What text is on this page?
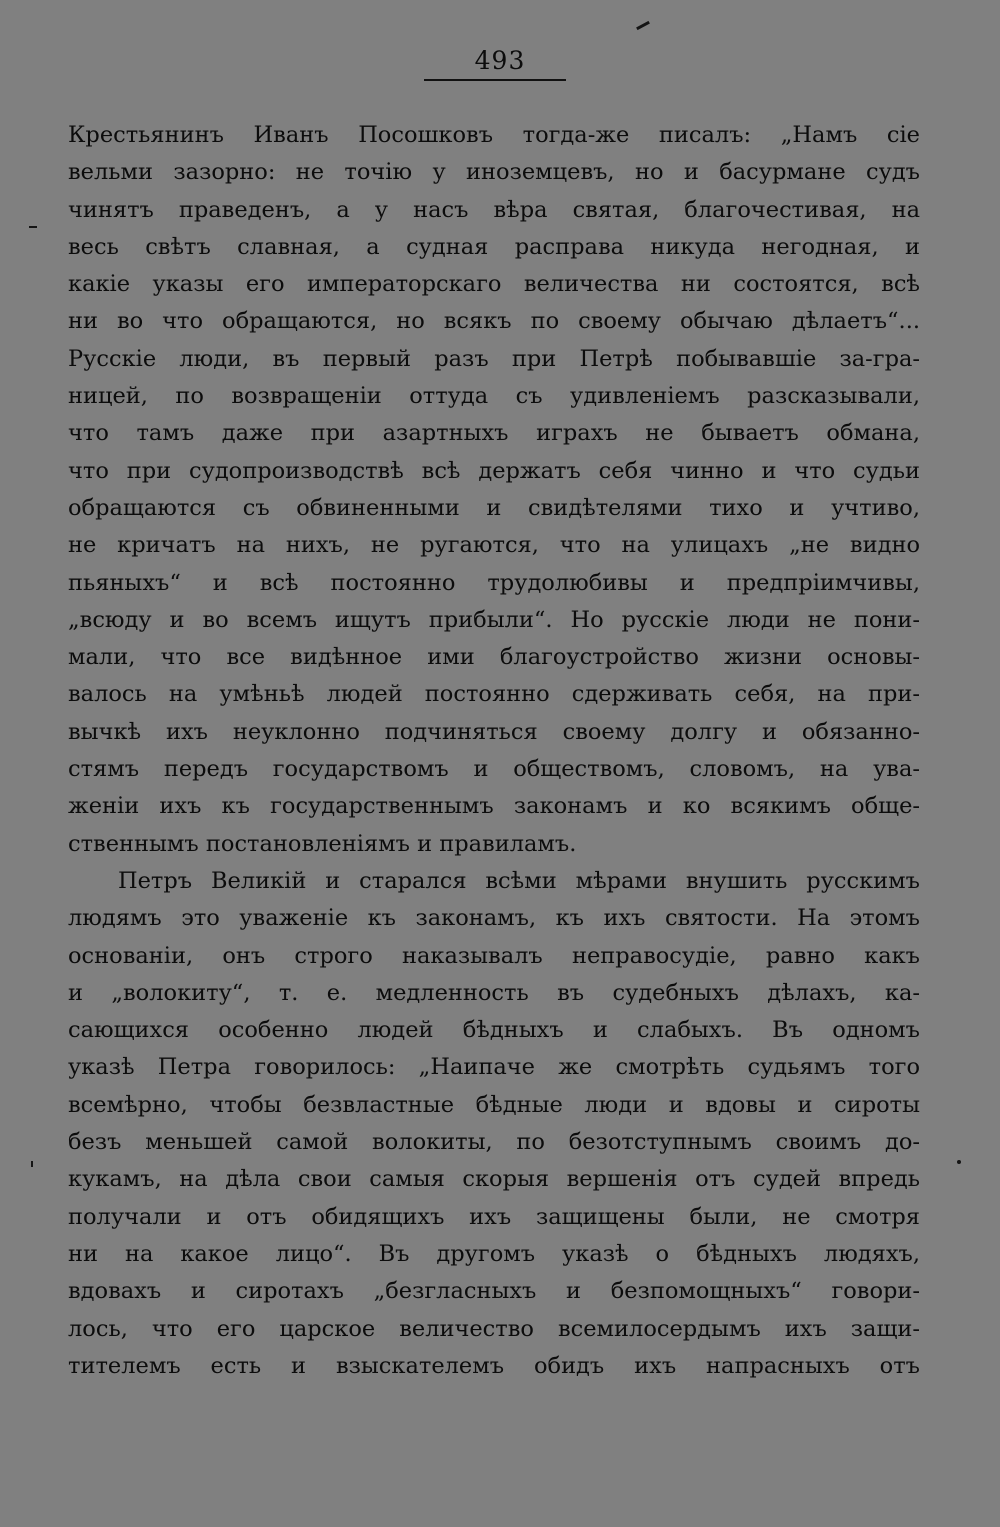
493
Крестьянинъ Иванъ Посошковъ тогда-же писалъ: „Намъ сіе
вельми зазорно: не точію у иноземцевъ, но и басурмане судъ
чинятъ праведенъ, а у насъ вѣра святая, благочестивая, на
весь свѣтъ славная, а судная расправа никуда негодная, и
какіе указы его императорскаго величества ни состоятся, всѣ
ни во что обращаются, но всякъ по своему обычаю дѣлаетъ“...
Русскіе люди, въ первый разъ при Петрѣ побывавшіе за-гра-
ницей, по возвращеніи оттуда съ удивленіемъ разсказывали,
что тамъ даже при азартныхъ играхъ не бываетъ обмана,
что при судопроизводствѣ всѣ держатъ себя чинно и что судьи
обращаются съ обвиненными и свидѣтелями тихо и учтиво,
не кричатъ на нихъ, не ругаются, что на улицахъ „не видно
пьяныхъ“ и всѣ постоянно трудолюбивы и предпріимчивы,
„всюду и во всемъ ищутъ прибыли“. Но русскіе люди не пони-
мали, что все видѣнное ими благоустройство жизни основы-
валось на умѣньѣ людей постоянно сдерживать себя, на при-
вычкѣ ихъ неуклонно подчиняться своему долгу и обязанно-
стямъ передъ государствомъ и обществомъ, словомъ, на ува-
женіи ихъ къ государственнымъ законамъ и ко всякимъ обще-
ственнымъ постановленіямъ и правиламъ.
Петръ Великій и старался всѣми мѣрами внушить русскимъ
людямъ это уваженіе къ законамъ, къ ихъ святости. На этомъ
основаніи, онъ строго наказывалъ неправосудіе, равно какъ
и „волокиту“, т. е. медленность въ судебныхъ дѣлахъ, ка-
сающихся особенно людей бѣдныхъ и слабыхъ. Въ одномъ
указѣ Петра говорилось: „Наипаче же смотрѣть судьямъ того
всемѣрно, чтобы безвластные бѣдные люди и вдовы и сироты
безъ меньшей самой волокиты, по безотступнымъ своимъ до-
кукамъ, на дѣла свои самыя скорыя вершенія отъ судей впредь
получали и отъ обидящихъ ихъ защищены были, не смотря
ни на какое лицо“. Въ другомъ указѣ о бѣдныхъ людяхъ,
вдовахъ и сиротахъ „безгласныхъ и безпомощныхъ“ говори-
лось, что его царское величество всемилосердымъ ихъ защи-
тителемъ есть и взыскателемъ обидъ ихъ напрасныхъ отъ
